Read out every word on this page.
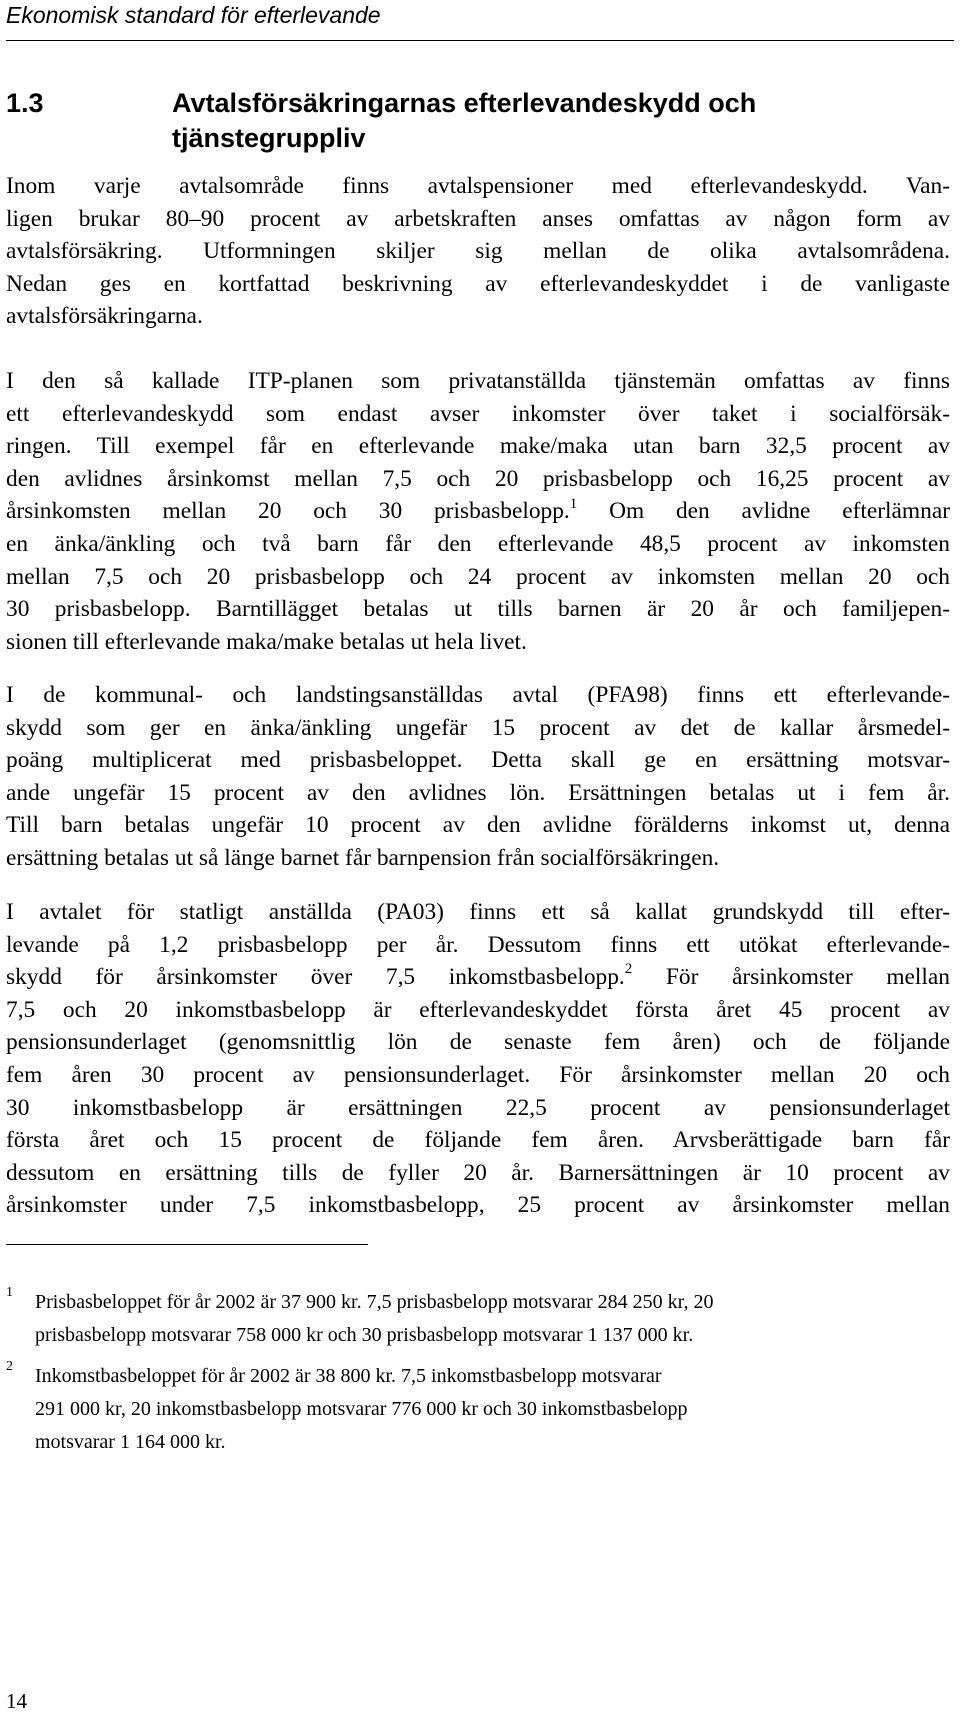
Ekonomisk standard för efterlevande
1.3	Avtalsförsäkringarnas efterlevandeskydd och
tjänstegruppliv
Inom varje avtalsområde finns avtalspensioner med efterlevandeskydd. Van-
ligen brukar 80–90 procent av arbetskraften anses omfattas av någon form av
avtalsförsäkring. Utformningen skiljer sig mellan de olika avtalsområdena.
Nedan ges en kortfattad beskrivning av efterlevandeskyddet i de vanligaste
avtalsförsäkringarna.
I den så kallade ITP-planen som privatanställda tjänstemän omfattas av finns
ett efterlevandeskydd som endast avser inkomster över taket i socialförsäk-
ringen. Till exempel får en efterlevande make/maka utan barn 32,5 procent av
den avlidnes årsinkomst mellan 7,5 och 20 prisbasbelopp och 16,25 procent av
årsinkomsten mellan 20 och 30 prisbasbelopp.$^1$ Om den avlidne efterlämnar
en änka/änkling och två barn får den efterlevande 48,5 procent av inkomsten
mellan 7,5 och 20 prisbasbelopp och 24 procent av inkomsten mellan 20 och
30 prisbasbelopp. Barntillägget betalas ut tills barnen är 20 år och familjepen-
sionen till efterlevande maka/make betalas ut hela livet.
I de kommunal- och landstingsanställdas avtal (PFA98) finns ett efterlevande-
skydd som ger en änka/änkling ungefär 15 procent av det de kallar årsmedel-
poäng multiplicerat med prisbasbeloppet. Detta skall ge en ersättning motsvar-
ande ungefär 15 procent av den avlidnes lön. Ersättningen betalas ut i fem år.
Till barn betalas ungefär 10 procent av den avlidne förälderns inkomst ut, denna
ersättning betalas ut så länge barnet får barnpension från socialförsäkringen.
I avtalet för statligt anställda (PA03) finns ett så kallat grundskydd till efter-
levande på 1,2 prisbasbelopp per år. Dessutom finns ett utökat efterlevande-
skydd för årsinkomster över 7,5 inkomstbasbelopp.$^2$ För årsinkomster mellan
7,5 och 20 inkomstbasbelopp är efterlevandeskyddet första året 45 procent av
pensionsunderlaget (genomsnittlig lön de senaste fem åren) och de följande
fem åren 30 procent av pensionsunderlaget. För årsinkomster mellan 20 och
30 inkomstbasbelopp är ersättningen 22,5 procent av pensionsunderlaget
första året och 15 procent de följande fem åren. Arvsberättigade barn får
dessutom en ersättning tills de fyller 20 år. Barnersättningen är 10 procent av
årsinkomster under 7,5 inkomstbasbelopp, 25 procent av årsinkomster mellan
1 Prisbasbeloppet för år 2002 är 37 900 kr. 7,5 prisbasbelopp motsvarar 284 250 kr, 20
prisbasbelopp motsvarar 758 000 kr och 30 prisbasbelopp motsvarar 1 137 000 kr.
2 Inkomstbasbeloppet för år 2002 är 38 800 kr. 7,5 inkomstbasbelopp motsvarar
291 000 kr, 20 inkomstbasbelopp motsvarar 776 000 kr och 30 inkomstbasbelopp
motsvarar 1 164 000 kr.
14
